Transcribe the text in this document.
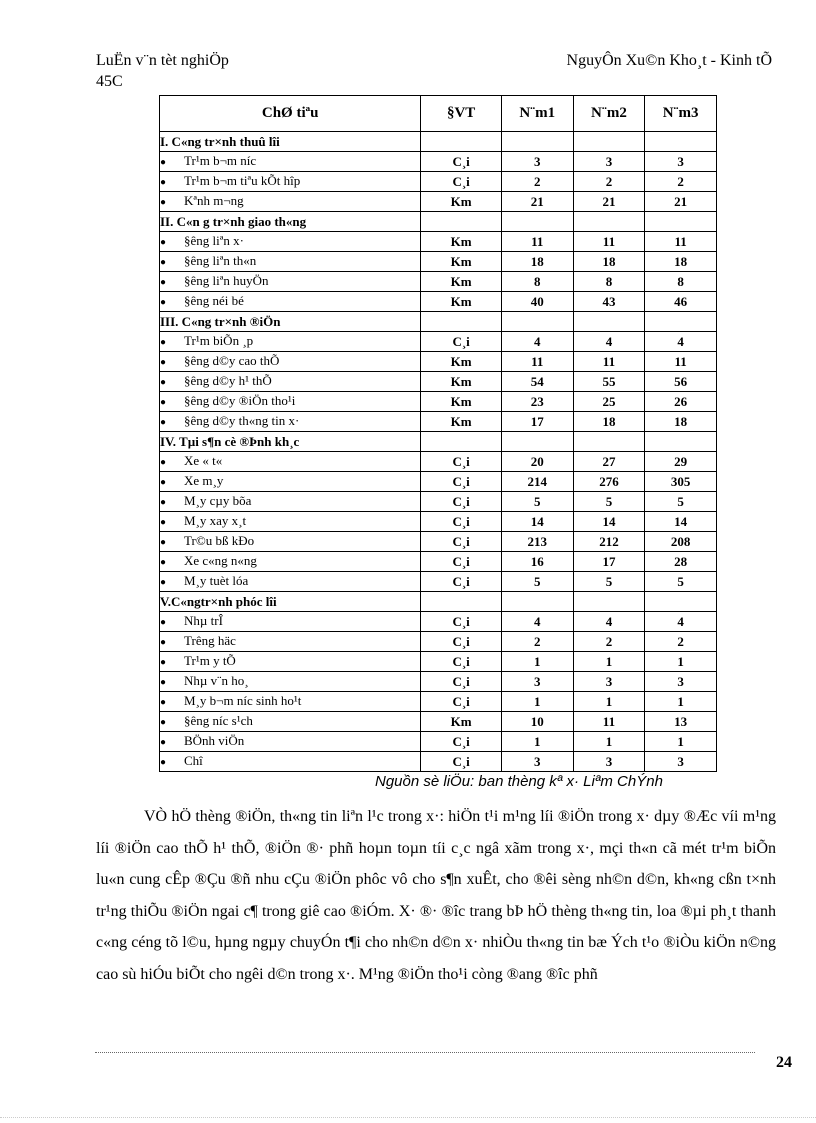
LuËn v¨n tèt nghiÖp
45C
NguyÔn Xu©n Kho¸t - Kinh tÕ
ChØ tiªu	§VT	N¨m1	N¨m2	N¨m3
I. C«ng tr×nh thuû lîi				
● Tr¹m b¬m níc	C¸i	3	3	3
● Tr¹m b¬m tiªu kÕt hîp	C¸i	2	2	2
● Kªnh m¬ng	Km	21	21	21
II. C«n g tr×nh giao th«ng				
● §êng liªn x·	Km	11	11	11
● §êng liªn th«n	Km	18	18	18
● §êng liªn huyÖn	Km	8	8	8
● §êng néi bé	Km	40	43	46
III. C«ng tr×nh ®iÖn				
● Tr¹m biÕn ¸p	C¸i	4	4	4
● §êng d©y cao thÕ	Km	11	11	11
● §êng d©y h¹ thÕ	Km	54	55	56
● §êng d©y ®iÖn tho¹i	Km	23	25	26
● §êng d©y th«ng tin x·	Km	17	18	18
IV. Tµi s¶n cè ®Þnh kh¸c				
● Xe « t«	C¸i	20	27	29
● Xe m¸y	C¸i	214	276	305
● M¸y cµy bõa	C¸i	5	5	5
● M¸y xay x¸t	C¸i	14	14	14
● Tr©u bß kÐo	C¸i	213	212	208
● Xe c«ng n«ng	C¸i	16	17	28
● M¸y tuèt lóa	C¸i	5	5	5
V.C«ngtr×nh phóc lîi				
● Nhµ trÎ	C¸i	4	4	4
● Trêng häc	C¸i	2	2	2
● Tr¹m y tÕ	C¸i	1	1	1
● Nhµ v¨n ho¸	C¸i	3	3	3
● M¸y b¬m níc sinh ho¹t	C¸i	1	1	1
● §êng níc s¹ch	Km	10	11	13
● BÖnh viÖn	C¸i	1	1	1
● Chî	C¸i	3	3	3
Nguồn sè liÖu: ban thèng kª x· Liªm ChÝnh

VÒ hÖ thèng ®iÖn, th«ng tin liªn l¹c trong x·: hiÖn t¹i m¹ng líi ®iÖn trong x· dµy ®Æc víi m¹ng líi ®iÖn cao thÕ h¹ thÕ, ®iÖn ®· phñ hoµn toµn tíi c¸c ngâ xãm trong x·, mçi th«n cã mét tr¹m biÕn lu«n cung cÊp ®Çu ®ñ nhu cÇu ®iÖn phôc vô cho s¶n xuÊt, cho ®êi sèng nh©n d©n, kh«ng cßn t×nh tr¹ng thiÕu ®iÖn ngai c¶ trong giê cao ®iÓm. X· ®· ®îc trang bÞ hÖ thèng th«ng tin, loa ®µi ph¸t thanh c«ng céng tõ l©u, hµng ngµy chuyÓn t¶i cho nh©n d©n x· nhiÒu th«ng tin bæ Ých t¹o ®iÒu kiÖn n©ng cao sù hiÓu biÕt cho ngêi d©n trong x·. M¹ng ®iÖn tho¹i còng ®ang ®îc phñ

24
